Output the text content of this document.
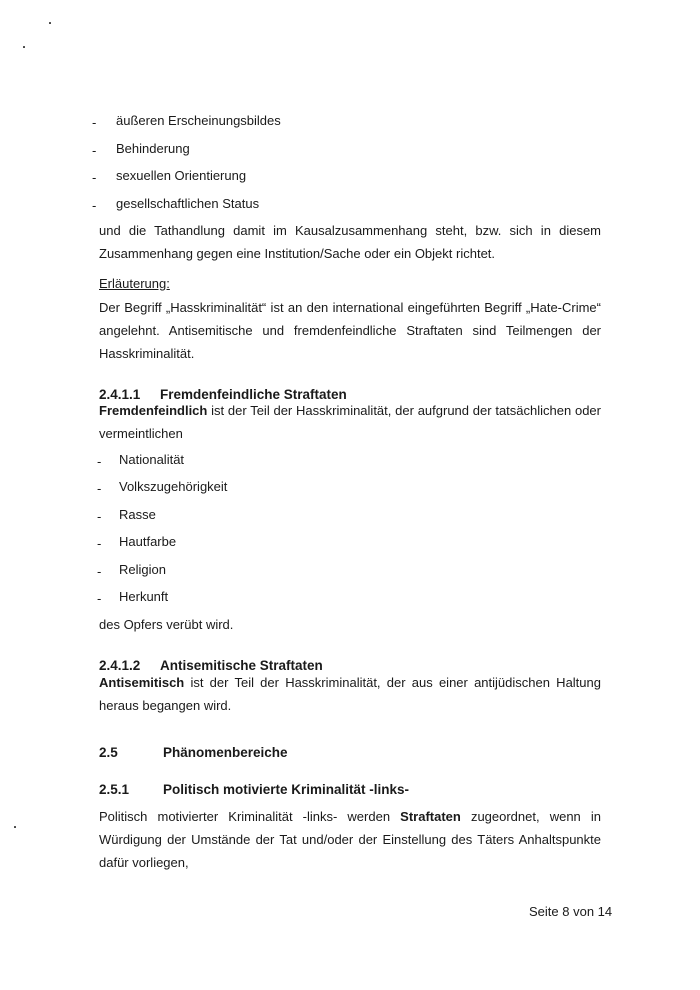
- äußeren Erscheinungsbildes
- Behinderung
- sexuellen Orientierung
- gesellschaftlichen Status
und die Tathandlung damit im Kausalzusammenhang steht, bzw. sich in diesem Zusammenhang gegen eine Institution/Sache oder ein Objekt richtet.
Erläuterung:
Der Begriff „Hasskriminalität“ ist an den international eingeführten Begriff „Hate-Crime“ angelehnt. Antisemitische und fremdenfeindliche Straftaten sind Teilmengen der Hasskriminalität.
2.4.1.1 Fremdenfeindliche Straftaten
Fremdenfeindlich ist der Teil der Hasskriminalität, der aufgrund der tatsächlichen oder vermeintlichen
- Nationalität
- Volkszugehörigkeit
- Rasse
- Hautfarbe
- Religion
- Herkunft
des Opfers verübt wird.
2.4.1.2 Antisemitische Straftaten
Antisemitisch ist der Teil der Hasskriminalität, der aus einer antijüdischen Haltung heraus begangen wird.
2.5	Phänomenbereiche
2.5.1	Politisch motivierte Kriminalität -links-
Politisch motivierter Kriminalität -links- werden Straftaten zugeordnet, wenn in Würdigung der Umstände der Tat und/oder der Einstellung des Täters Anhaltspunkte dafür vorliegen,
Seite 8 von 14
